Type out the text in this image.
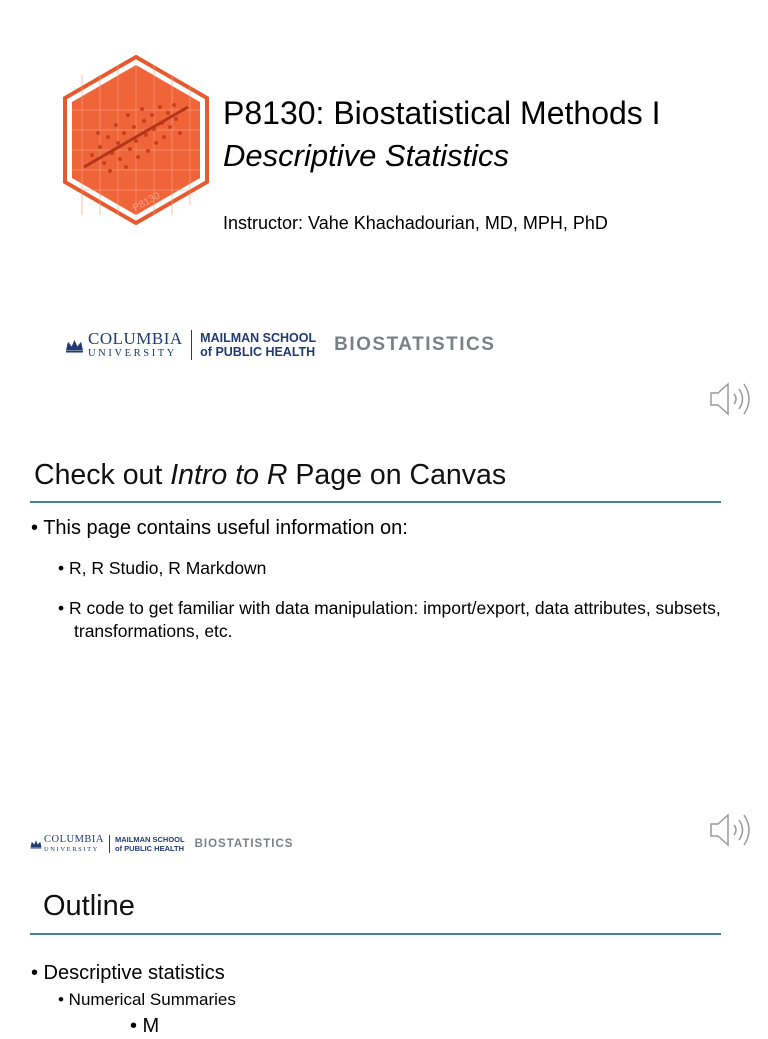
P8130
P8130: Biostatistical Methods I
Descriptive Statistics
Instructor: Vahe Khachadourian, MD, MPH, PhD
COLUMBIA
UNIVERSITY
MAILMAN SCHOOL
of PUBLIC HEALTH BIOSTATISTICS
Check out Intro to R Page on Canvas
• This page contains useful information on:
• R, R Studio, R Markdown
• R code to get familiar with data manipulation: import/export, data attributes, subsets, transformations, etc.
COLUMBIA
UNIVERSITY
MAILMAN SCHOOL
of PUBLIC HEALTH BIOSTATISTICS
Outline
• Descriptive statistics
• Numerical Summaries
• M
